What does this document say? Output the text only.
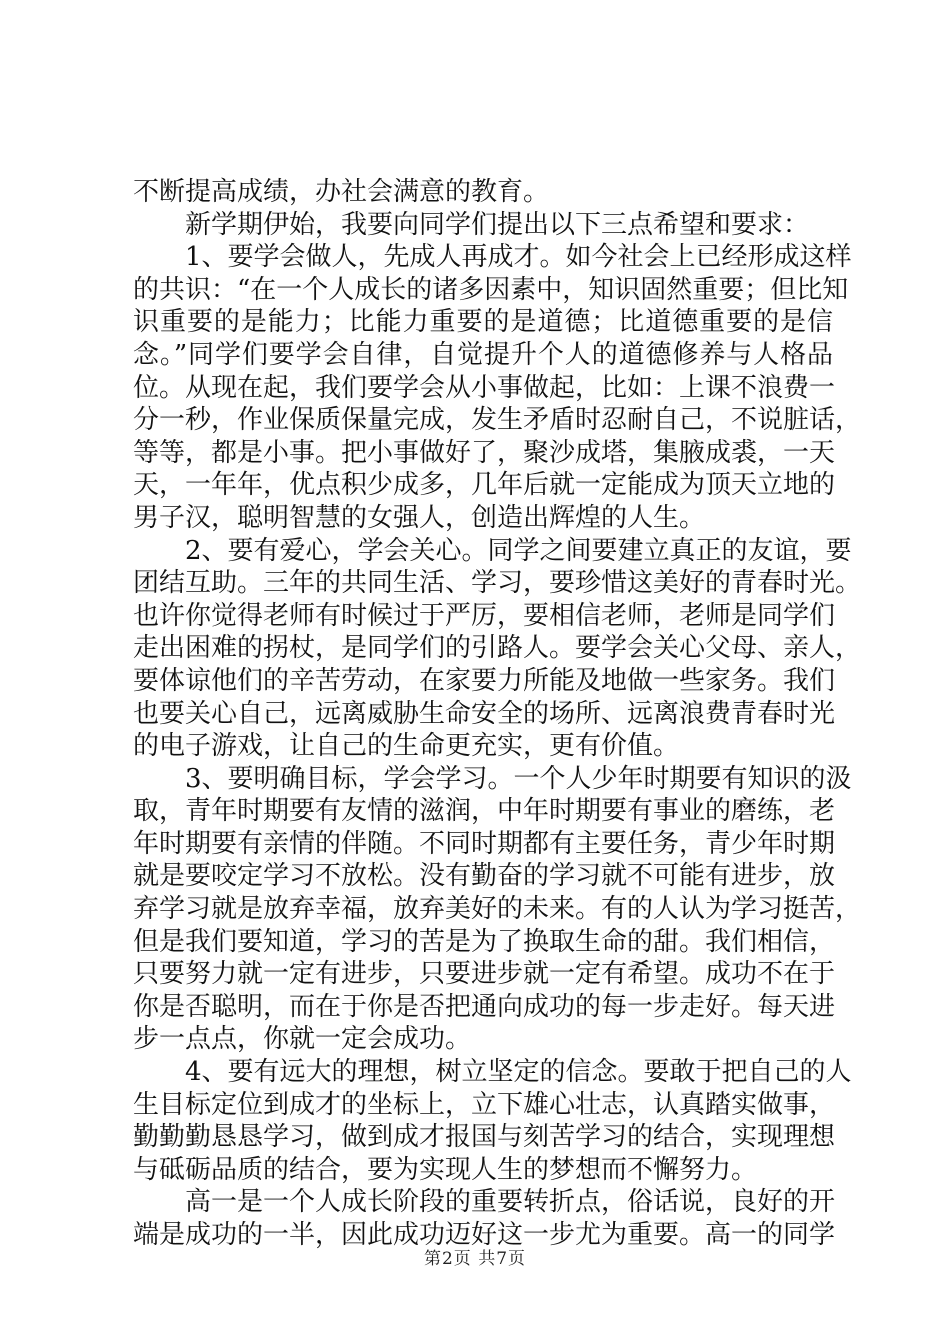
不断提高成绩，办社会满意的教育。
新学期伊始，我要向同学们提出以下三点希望和要求：
1、要学会做人，先成人再成才。如今社会上已经形成这样
的共识：“在一个人成长的诸多因素中，知识固然重要；但比知
识重要的是能力；比能力重要的是道德；比道德重要的是信
念。”同学们要学会自律，自觉提升个人的道德修养与人格品
位。从现在起，我们要学会从小事做起，比如：上课不浪费一
分一秒，作业保质保量完成，发生矛盾时忍耐自己，不说脏话，
等等，都是小事。把小事做好了，聚沙成塔，集腋成裘，一天
天，一年年，优点积少成多，几年后就一定能成为顶天立地的
男子汉，聪明智慧的女强人，创造出辉煌的人生。
2、要有爱心，学会关心。同学之间要建立真正的友谊，要
团结互助。三年的共同生活、学习，要珍惜这美好的青春时光。
也许你觉得老师有时候过于严厉，要相信老师，老师是同学们
走出困难的拐杖，是同学们的引路人。要学会关心父母、亲人，
要体谅他们的辛苦劳动，在家要力所能及地做一些家务。我们
也要关心自己，远离威胁生命安全的场所、远离浪费青春时光
的电子游戏，让自己的生命更充实，更有价值。
3、要明确目标，学会学习。一个人少年时期要有知识的汲
取，青年时期要有友情的滋润，中年时期要有事业的磨练，老
年时期要有亲情的伴随。不同时期都有主要任务，青少年时期
就是要咬定学习不放松。没有勤奋的学习就不可能有进步，放
弃学习就是放弃幸福，放弃美好的未来。有的人认为学习挺苦，
但是我们要知道，学习的苦是为了换取生命的甜。我们相信，
只要努力就一定有进步，只要进步就一定有希望。成功不在于
你是否聪明，而在于你是否把通向成功的每一步走好。每天进
步一点点，你就一定会成功。
4、要有远大的理想，树立坚定的信念。要敢于把自己的人
生目标定位到成才的坐标上，立下雄心壮志，认真踏实做事，
勤勤勤恳恳学习，做到成才报国与刻苦学习的结合，实现理想
与砥砺品质的结合，要为实现人生的梦想而不懈努力。
高一是一个人成长阶段的重要转折点，俗话说，良好的开
端是成功的一半，因此成功迈好这一步尤为重要。高一的同学
第2页 共7页
